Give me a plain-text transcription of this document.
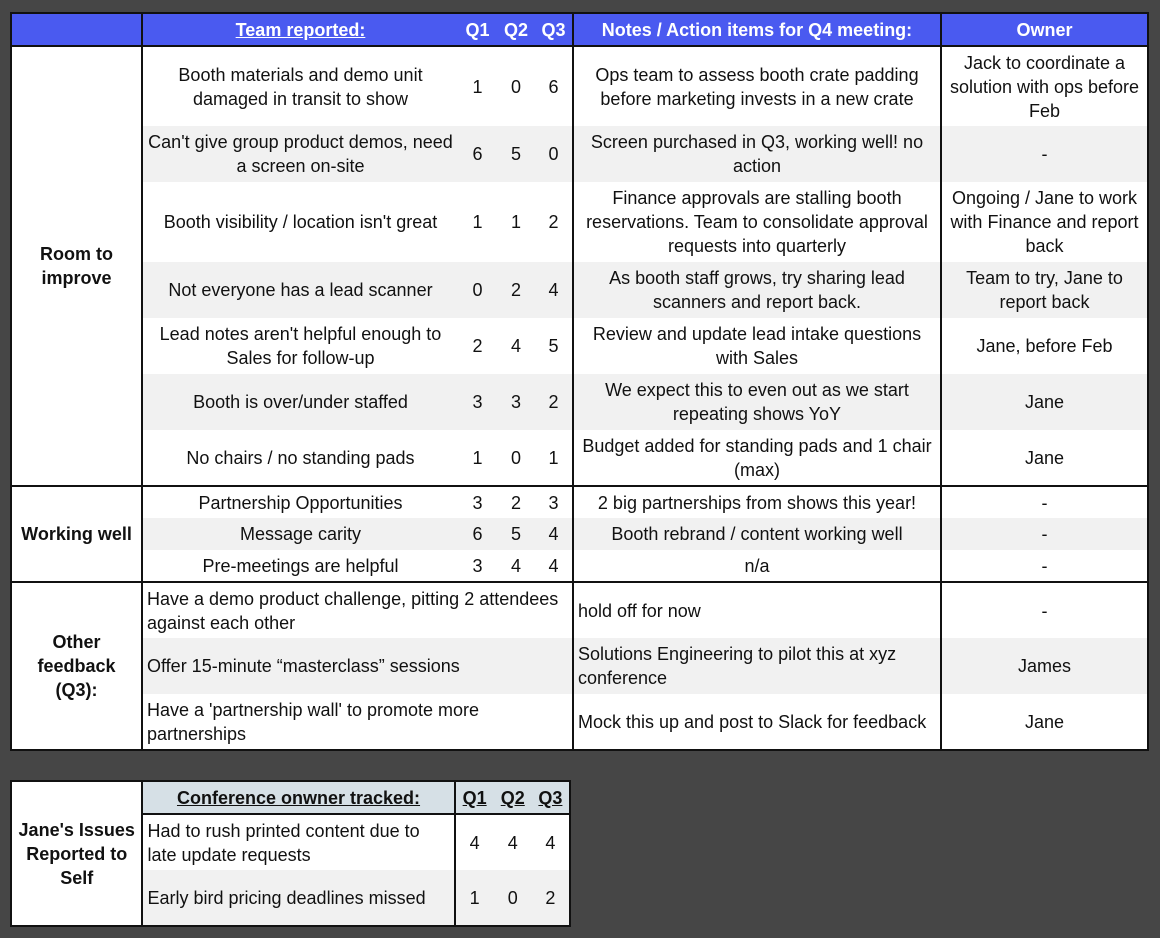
	Team reported:	Q1	Q2	Q3	Notes / Action items for Q4 meeting:	Owner
Room to improve	Booth materials and demo unit damaged in transit to show	1	0	6	Ops team to assess booth crate padding before marketing invests in a new crate	Jack to coordinate a solution with ops before Feb
	Can't give group product demos, need a screen on-site	6	5	0	Screen purchased in Q3, working well! no action	-
	Booth visibility / location isn't great	1	1	2	Finance approvals are stalling booth reservations. Team to consolidate approval requests into quarterly	Ongoing / Jane to work with Finance and report back
	Not everyone has a lead scanner	0	2	4	As booth staff grows, try sharing lead scanners and report back.	Team to try, Jane to report back
	Lead notes aren't helpful enough to Sales for follow-up	2	4	5	Review and update lead intake questions with Sales	Jane, before Feb
	Booth is over/under staffed	3	3	2	We expect this to even out as we start repeating shows YoY	Jane
	No chairs / no standing pads	1	0	1	Budget added for standing pads and 1 chair (max)	Jane
Working well	Partnership Opportunities	3	2	3	2 big partnerships from shows this year!	-
	Message carity	6	5	4	Booth rebrand / content working well	-
	Pre-meetings are helpful	3	4	4	n/a	-
Other feedback (Q3):	Have a demo product challenge, pitting 2 attendees against each other				hold off for now	-
	Offer 15-minute “masterclass” sessions				Solutions Engineering to pilot this at xyz conference	James
	Have a 'partnership wall' to promote more partnerships				Mock this up and post to Slack for feedback	Jane
Jane's Issues Reported to Self	Conference onwner tracked:	Q1	Q2	Q3
	Had to rush printed content due to late update requests	4	4	4
	Early bird pricing deadlines missed	1	0	2
